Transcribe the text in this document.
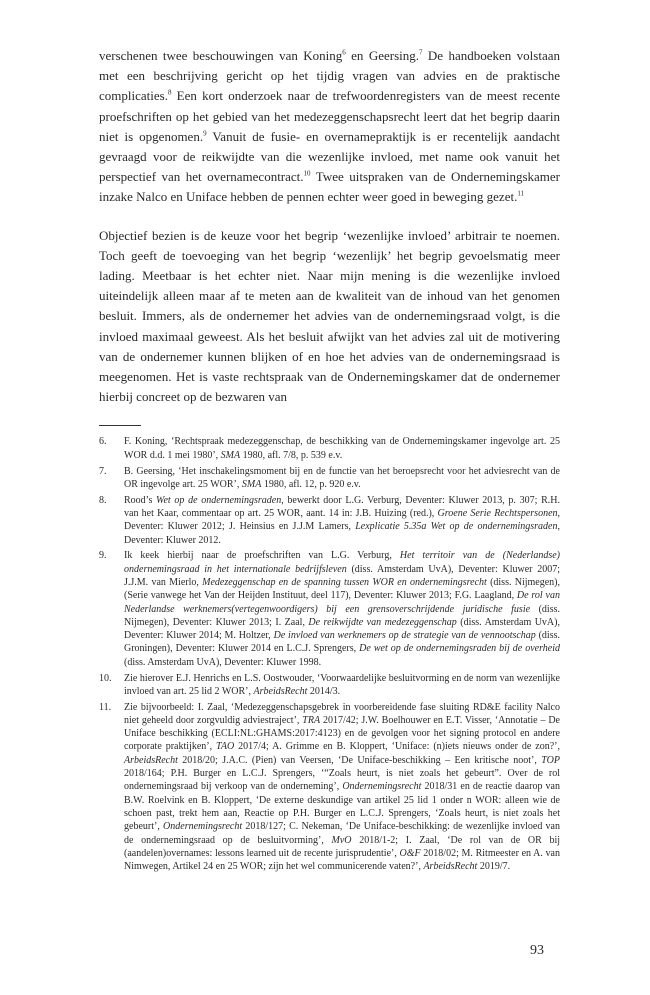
verschenen twee beschouwingen van Koning$^6$ en Geersing.$^7$ De handboeken volstaan met een beschrijving gericht op het tijdig vragen van advies en de praktische complicaties.$^8$ Een kort onderzoek naar de trefwoordenregisters van de meest recente proefschriften op het gebied van het medezeggenschapsrecht leert dat het begrip daarin niet is opgenomen.$^9$ Vanuit de fusie- en overnamepraktijk is er recentelijk aandacht gevraagd voor de reikwijdte van die wezenlijke invloed, met name ook vanuit het perspectief van het overnamecontract.$^{10}$ Twee uitspraken van de Ondernemingskamer inzake Nalco en Uniface hebben de pennen echter weer goed in beweging gezet.$^{11}$

Objectief bezien is de keuze voor het begrip ‘wezenlijke invloed’ arbitrair te noemen. Toch geeft de toevoeging van het begrip ‘wezenlijk’ het begrip gevoelsmatig meer lading. Meetbaar is het echter niet. Naar mijn mening is die wezenlijke invloed uiteindelijk alleen maar af te meten aan de kwaliteit van de inhoud van het genomen besluit. Immers, als de ondernemer het advies van de ondernemingsraad volgt, is die invloed maximaal geweest. Als het besluit afwijkt van het advies zal uit de motivering van de ondernemer kunnen blijken of en hoe het advies van de ondernemingsraad is meegenomen. Het is vaste rechtspraak van de Ondernemingskamer dat de ondernemer hierbij concreet op de bezwaren van

6. F. Koning, ‘Rechtspraak medezeggenschap, de beschikking van de Ondernemingskamer ingevolge art. 25 WOR d.d. 1 mei 1980’, SMA 1980, afl. 7/8, p. 539 e.v.
7. B. Geersing, ‘Het inschakelingsmoment bij en de functie van het beroepsrecht voor het adviesrecht van de OR ingevolge art. 25 WOR’, SMA 1980, afl. 12, p. 920 e.v.
8. Rood’s Wet op de ondernemingsraden, bewerkt door L.G. Verburg, Deventer: Kluwer 2013, p. 307; R.H. van het Kaar, commentaar op art. 25 WOR, aant. 14 in: J.B. Huizing (red.), Groene Serie Rechtspersonen, Deventer: Kluwer 2012; J. Heinsius en J.J.M Lamers, Lexplicatie 5.35a Wet op de ondernemingsraden, Deventer: Kluwer 2012.
9. Ik keek hierbij naar de proefschriften van L.G. Verburg, Het territoir van de (Nederlandse) ondernemingsraad in het internationale bedrijfsleven (diss. Amsterdam UvA), Deventer: Kluwer 2007; J.J.M. van Mierlo, Medezeggenschap en de spanning tussen WOR en ondernemingsrecht (diss. Nijmegen), (Serie vanwege het Van der Heijden Instituut, deel 117), Deventer: Kluwer 2013; F.G. Laagland, De rol van Nederlandse werknemers(vertegenwoordigers) bij een grensoverschrijdende juridische fusie (diss. Nijmegen), Deventer: Kluwer 2013; I. Zaal, De reikwijdte van medezeggenschap (diss. Amsterdam UvA), Deventer: Kluwer 2014; M. Holtzer, De invloed van werknemers op de strategie van de vennootschap (diss. Groningen), Deventer: Kluwer 2014 en L.C.J. Sprengers, De wet op de ondernemingsraden bij de overheid (diss. Amsterdam UvA), Deventer: Kluwer 1998.
10. Zie hierover E.J. Henrichs en L.S. Oostwouder, ‘Voorwaardelijke besluitvorming en de norm van wezenlijke invloed van art. 25 lid 2 WOR’, ArbeidsRecht 2014/3.
11. Zie bijvoorbeeld: I. Zaal, ‘Medezeggenschapsgebrek in voorbereidende fase sluiting RD&E facility Nalco niet geheeld door zorgvuldig adviestraject’, TRA 2017/42; J.W. Boelhouwer en E.T. Visser, ‘Annotatie – De Uniface beschikking (ECLI:NL:GHAMS:2017:4123) en de gevolgen voor het signing protocol en andere corporate praktijken’, TAO 2017/4; A. Grimme en B. Kloppert, ‘Uniface: (n)iets nieuws onder de zon?’, ArbeidsRecht 2018/20; J.A.C. (Pien) van Veersen, ‘De Uniface-beschikking – Een kritische noot’, TOP 2018/164; P.H. Burger en L.C.J. Sprengers, ‘“Zoals heurt, is niet zoals het gebeurt”. Over de rol ondernemingsraad bij verkoop van de onderneming’, Ondernemingsrecht 2018/31 en de reactie daarop van B.W. Roelvink en B. Kloppert, ‘De externe deskundige van artikel 25 lid 1 onder n WOR: alleen wie de schoen past, trekt hem aan, Reactie op P.H. Burger en L.C.J. Sprengers, ‘Zoals heurt, is niet zoals het gebeurt’, Ondernemingsrecht 2018/127; C. Nekeman, ‘De Uniface-beschikking: de wezenlijke invloed van de ondernemingsraad op de besluitvorming’, MvO 2018/1-2; I. Zaal, ‘De rol van de OR bij (aandelen)overnames: lessons learned uit de recente jurisprudentie’, O&F 2018/02; M. Ritmeester en A. van Nimwegen, Artikel 24 en 25 WOR; zijn het wel communicerende vaten?’, ArbeidsRecht 2019/7.
93
